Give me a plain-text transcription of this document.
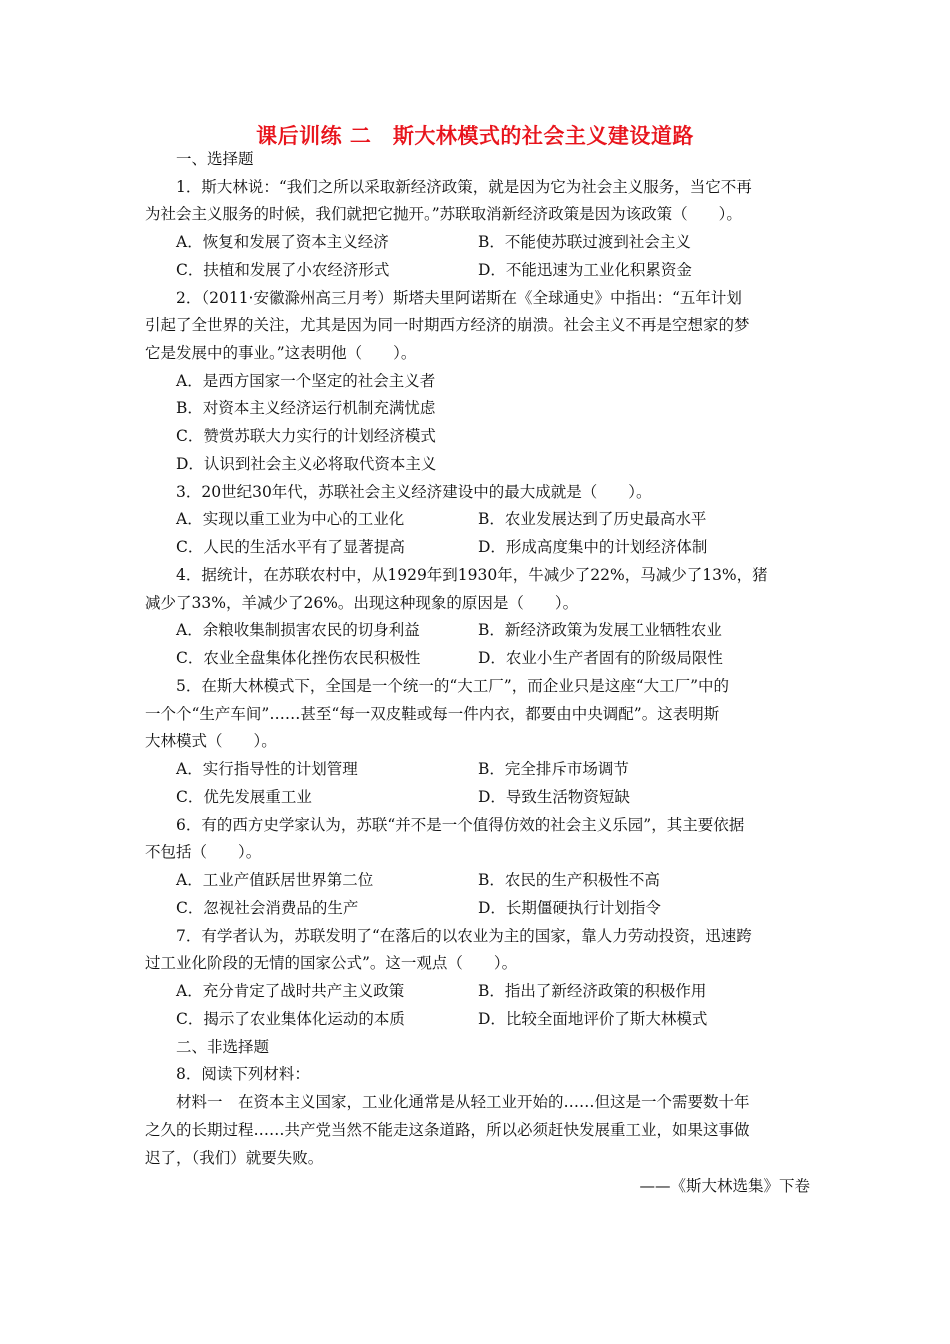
课后训练 二　斯大林模式的社会主义建设道路
一、选择题
1．斯大林说：“我们之所以采取新经济政策，就是因为它为社会主义服务，当它不再
为社会主义服务的时候，我们就把它抛开。”苏联取消新经济政策是因为该政策（　　）。
A．恢复和发展了资本主义经济	B．不能使苏联过渡到社会主义
C．扶植和发展了小农经济形式	D．不能迅速为工业化积累资金
2．（2011·安徽滁州高三月考）斯塔夫里阿诺斯在《全球通史》中指出：“五年计划
引起了全世界的关注，尤其是因为同一时期西方经济的崩溃。社会主义不再是空想家的梦
它是发展中的事业。”这表明他（　　）。
A．是西方国家一个坚定的社会主义者
B．对资本主义经济运行机制充满忧虑
C．赞赏苏联大力实行的计划经济模式
D．认识到社会主义必将取代资本主义
3．20世纪30年代，苏联社会主义经济建设中的最大成就是（　　）。
A．实现以重工业为中心的工业化	B．农业发展达到了历史最高水平
C．人民的生活水平有了显著提高	D．形成高度集中的计划经济体制
4．据统计，在苏联农村中，从1929年到1930年，牛减少了22%，马减少了13%，猪
减少了33%，羊减少了26%。出现这种现象的原因是（　　）。
A．余粮收集制损害农民的切身利益	B．新经济政策为发展工业牺牲农业
C．农业全盘集体化挫伤农民积极性	D．农业小生产者固有的阶级局限性
5．在斯大林模式下，全国是一个统一的“大工厂”，而企业只是这座“大工厂”中的
一个个“生产车间”……甚至“每一双皮鞋或每一件内衣，都要由中央调配”。这表明斯
大林模式（　　）。
A．实行指导性的计划管理	B．完全排斥市场调节
C．优先发展重工业	D．导致生活物资短缺
6．有的西方史学家认为，苏联“并不是一个值得仿效的社会主义乐园”，其主要依据
不包括（　　）。
A．工业产值跃居世界第二位	B．农民的生产积极性不高
C．忽视社会消费品的生产	D．长期僵硬执行计划指令
7．有学者认为，苏联发明了“在落后的以农业为主的国家，靠人力劳动投资，迅速跨
过工业化阶段的无情的国家公式”。这一观点（　　）。
A．充分肯定了战时共产主义政策	B．指出了新经济政策的积极作用
C．揭示了农业集体化运动的本质	D．比较全面地评价了斯大林模式
二、非选择题
8．阅读下列材料：
材料一　在资本主义国家，工业化通常是从轻工业开始的……但这是一个需要数十年
之久的长期过程……共产党当然不能走这条道路，所以必须赶快发展重工业，如果这事做
迟了，（我们）就要失败。
——《斯大林选集》下卷
